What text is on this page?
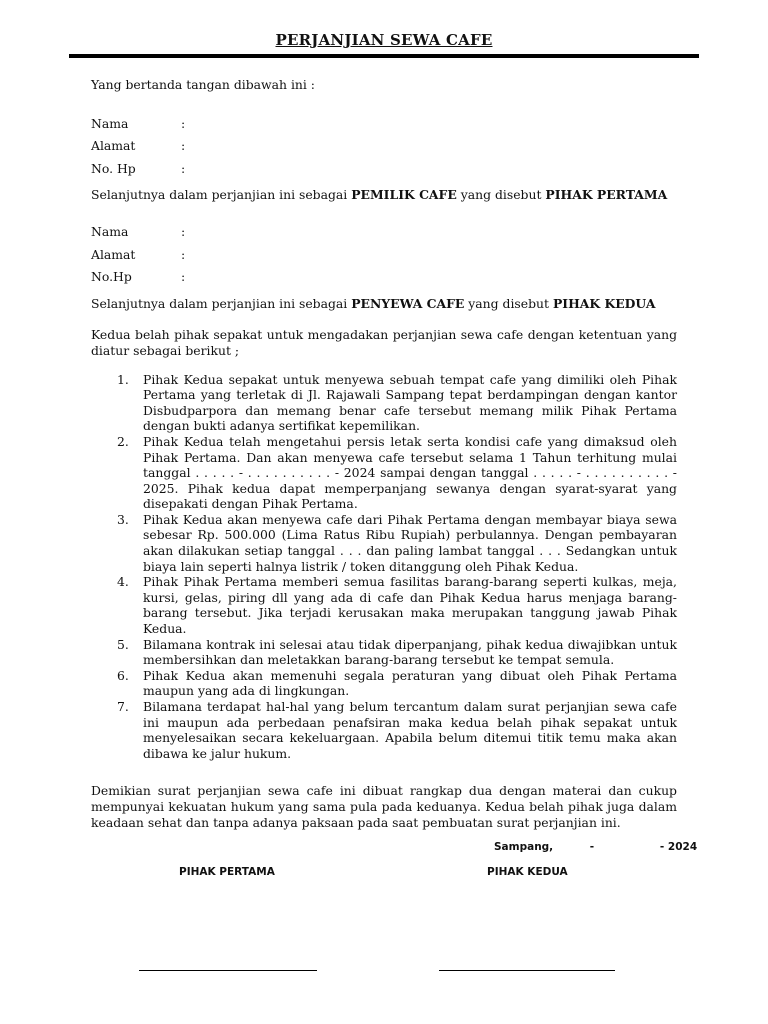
PERJANJIAN SEWA CAFE

Yang bertanda tangan dibawah ini :

Nama	:
Alamat	:
No. Hp	:

Selanjutnya dalam perjanjian ini sebagai PEMILIK CAFE yang disebut PIHAK PERTAMA

Nama	:
Alamat	:
No.Hp	:

Selanjutnya dalam perjanjian ini sebagai PENYEWA CAFE yang disebut PIHAK KEDUA

Kedua belah pihak sepakat untuk mengadakan perjanjian sewa cafe dengan ketentuan yang diatur sebagai berikut ;

1.	Pihak Kedua sepakat untuk menyewa sebuah tempat cafe yang dimiliki oleh Pihak Pertama yang terletak di Jl. Rajawali Sampang tepat berdampingan dengan kantor Disbudparpora dan memang benar cafe tersebut memang milik Pihak Pertama dengan bukti adanya sertifikat kepemilikan.
2.	Pihak Kedua telah mengetahui persis letak serta kondisi cafe yang dimaksud oleh Pihak Pertama. Dan akan menyewa cafe tersebut selama 1 Tahun terhitung mulai tanggal . . . . . - . . . . . . . . . . - 2024 sampai dengan tanggal . . . . . - . . . . . . . . . . - 2025. Pihak kedua dapat memperpanjang sewanya dengan syarat-syarat yang disepakati dengan Pihak Pertama.
3.	Pihak Kedua akan menyewa cafe dari Pihak Pertama dengan membayar biaya sewa sebesar Rp. 500.000 (Lima Ratus Ribu Rupiah) perbulannya. Dengan pembayaran akan dilakukan setiap tanggal . . . dan paling lambat tanggal . . . Sedangkan untuk biaya lain seperti halnya listrik / token ditanggung oleh Pihak Kedua.
4.	Pihak Pihak Pertama memberi semua fasilitas barang-barang seperti kulkas, meja, kursi, gelas, piring dll yang ada di cafe dan Pihak Kedua harus menjaga barang-barang tersebut. Jika terjadi kerusakan maka merupakan tanggung jawab Pihak Kedua.
5.	Bilamana kontrak ini selesai atau tidak diperpanjang, pihak kedua diwajibkan untuk membersihkan dan meletakkan barang-barang tersebut ke tempat semula.
6.	Pihak Kedua akan memenuhi segala peraturan yang dibuat oleh Pihak Pertama maupun yang ada di lingkungan.
7.	Bilamana terdapat hal-hal yang belum tercantum dalam surat perjanjian sewa cafe ini maupun ada perbedaan penafsiran maka kedua belah pihak sepakat untuk menyelesaikan secara kekeluargaan. Apabila belum ditemui titik temu maka akan dibawa ke jalur hukum.

Demikian surat perjanjian sewa cafe ini dibuat rangkap dua dengan materai dan cukup mempunyai kekuatan hukum yang sama pula pada keduanya. Kedua belah pihak juga dalam keadaan sehat dan tanpa adanya paksaan pada saat pembuatan surat perjanjian ini.

Sampang,          -                  - 2024
PIHAK PERTAMA	PIHAK KEDUA
